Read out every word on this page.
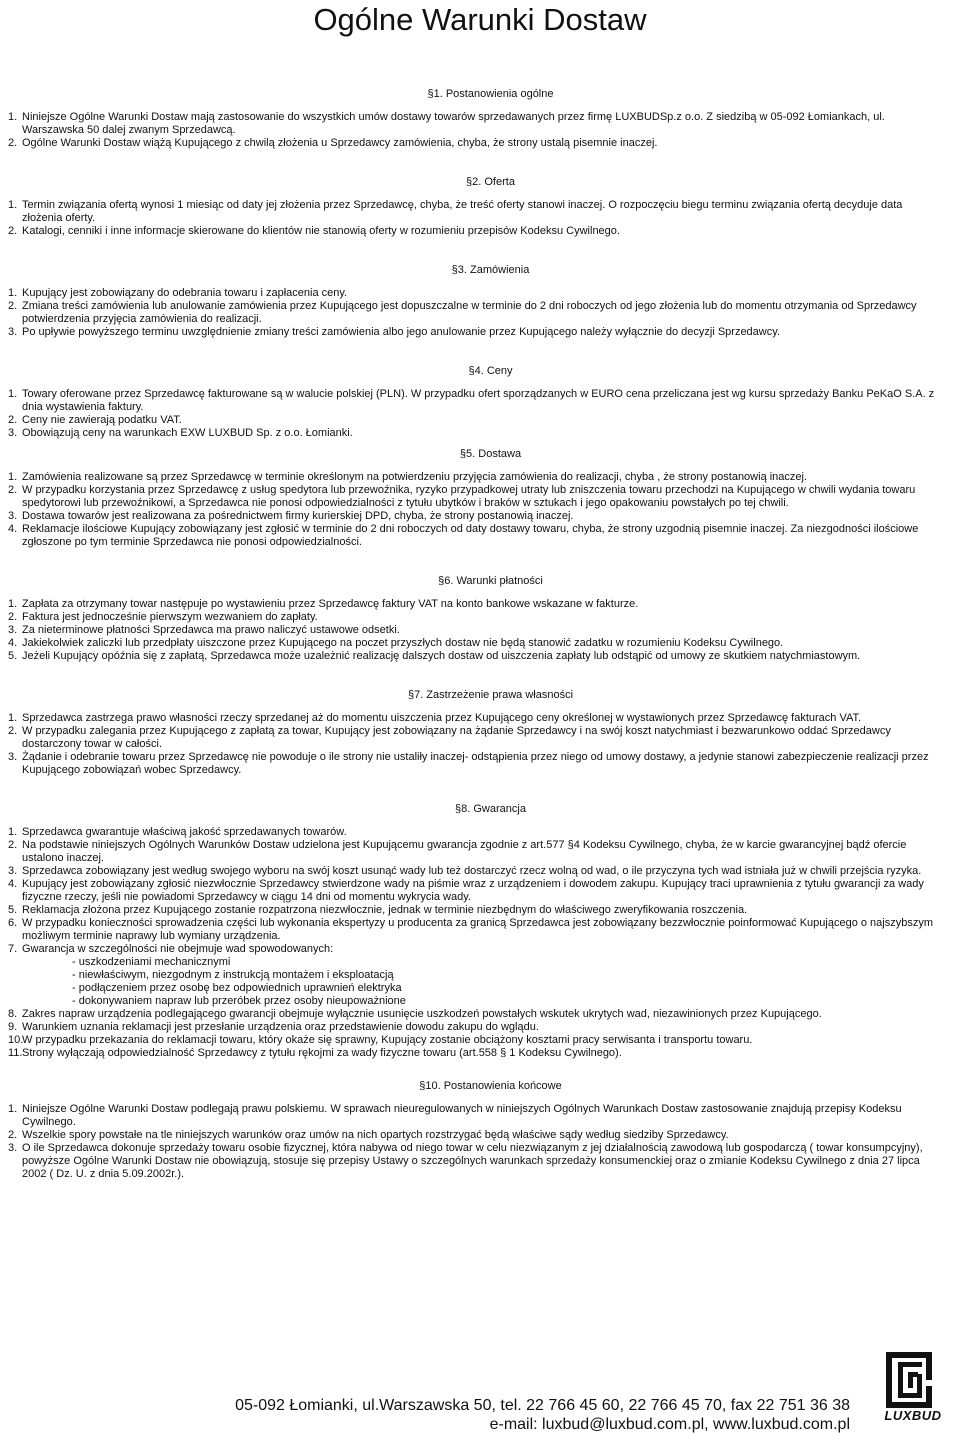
Ogólne Warunki Dostaw
§1. Postanowienia ogólne
1. Niniejsze Ogólne Warunki Dostaw mają zastosowanie do wszystkich umów dostawy towarów sprzedawanych przez firmę LUXBUDSp.z o.o. Z siedzibą w 05-092 Łomiankach, ul. Warszawska 50 dalej zwanym Sprzedawcą.
2. Ogólne Warunki Dostaw wiążą Kupującego z chwilą złożenia u Sprzedawcy zamówienia, chyba, że strony ustalą pisemnie inaczej.
§2. Oferta
1. Termin związania ofertą wynosi 1 miesiąc od daty jej złożenia przez Sprzedawcę, chyba, że treść oferty stanowi inaczej. O rozpoczęciu biegu terminu związania ofertą decyduje data złożenia oferty.
2. Katalogi, cenniki i inne informacje skierowane do klientów nie stanowią oferty w rozumieniu przepisów Kodeksu Cywilnego.
§3. Zamówienia
1. Kupujący jest zobowiązany do odebrania towaru i zapłacenia ceny.
2. Zmiana treści zamówienia lub anulowanie zamówienia przez Kupującego jest dopuszczalne w terminie do 2 dni roboczych od jego złożenia lub do momentu otrzymania od Sprzedawcy potwierdzenia przyjęcia zamówienia do realizacji.
3. Po upływie powyższego terminu uwzględnienie zmiany treści zamówienia albo jego anulowanie przez Kupującego należy wyłącznie do decyzji Sprzedawcy.
§4. Ceny
1. Towary oferowane przez Sprzedawcę fakturowane są w walucie polskiej (PLN). W przypadku ofert sporządzanych w EURO cena przeliczana jest wg kursu sprzedaży Banku PeKaO S.A. z dnia wystawienia faktury.
2. Ceny nie zawierają podatku VAT.
3. Obowiązują ceny na warunkach EXW LUXBUD Sp. z o.o. Łomianki.
§5. Dostawa
1. Zamówienia realizowane są przez Sprzedawcę w terminie określonym na potwierdzeniu przyjęcia zamówienia do realizacji, chyba , że strony postanowią inaczej.
2. W przypadku korzystania przez Sprzedawcę z usług spedytora lub przewoźnika, ryzyko przypadkowej utraty lub zniszczenia towaru przechodzi na Kupującego w chwili wydania towaru spedytorowi lub przewoźnikowi, a Sprzedawca nie ponosi odpowiedzialności z tytułu ubytków i braków w sztukach i jego opakowaniu powstałych po tej chwili.
3. Dostawa towarów jest realizowana za pośrednictwem firmy kurierskiej DPD, chyba, że strony postanowią inaczej.
4. Reklamacje ilościowe Kupujący zobowiązany jest zgłosić w terminie do 2 dni roboczych od daty dostawy towaru, chyba, że strony uzgodnią pisemnie inaczej. Za niezgodności ilościowe zgłoszone po tym terminie Sprzedawca nie ponosi odpowiedzialności.
§6. Warunki płatności
1. Zapłata za otrzymany towar następuje po wystawieniu przez Sprzedawcę faktury VAT na konto bankowe wskazane w fakturze.
2. Faktura jest jednocześnie pierwszym wezwaniem do zapłaty.
3. Za nieterminowe płatności Sprzedawca ma prawo naliczyć ustawowe odsetki.
4. Jakiekolwiek zaliczki lub przedpłaty uiszczone przez Kupującego na poczet przyszłych dostaw nie będą stanowić zadatku w rozumieniu Kodeksu Cywilnego.
5. Jeżeli Kupujący opóźnia się z zapłatą, Sprzedawca może uzależnić realizację dalszych dostaw od uiszczenia zapłaty lub odstąpić od umowy ze skutkiem natychmiastowym.
§7. Zastrzeżenie prawa własności
1. Sprzedawca zastrzega prawo własności rzeczy sprzedanej aż do momentu uiszczenia przez Kupującego ceny określonej w wystawionych przez Sprzedawcę fakturach VAT.
2. W przypadku zalegania przez Kupującego z zapłatą za towar, Kupujący jest zobowiązany na żądanie Sprzedawcy i na swój koszt natychmiast i bezwarunkowo oddać Sprzedawcy dostarczony towar w całości.
3. Żądanie i odebranie towaru przez Sprzedawcę nie powoduje o ile strony nie ustaliły inaczej- odstąpienia przez niego od umowy dostawy, a jedynie stanowi zabezpieczenie realizacji przez Kupującego zobowiązań wobec Sprzedawcy.
§8. Gwarancja
1. Sprzedawca gwarantuje właściwą jakość sprzedawanych towarów.
2. Na podstawie niniejszych Ogólnych Warunków Dostaw udzielona jest Kupującemu gwarancja zgodnie z art.577 §4 Kodeksu Cywilnego, chyba, że w karcie gwarancyjnej bądź ofercie ustalono inaczej.
3. Sprzedawca zobowiązany jest według swojego wyboru na swój koszt usunąć wady lub też dostarczyć rzecz wolną od wad, o ile przyczyna tych wad istniała już w chwili przejścia ryzyka.
4. Kupujący jest zobowiązany zgłosić niezwłocznie Sprzedawcy stwierdzone wady na piśmie wraz z urządzeniem i dowodem zakupu. Kupujący traci uprawnienia z tytułu gwarancji za wady fizyczne rzeczy, jeśli nie powiadomi Sprzedawcy w ciągu 14 dni od momentu wykrycia wady.
5. Reklamacja złożona przez Kupującego zostanie rozpatrzona niezwłocznie, jednak w terminie niezbędnym do właściwego zweryfikowania roszczenia.
6. W przypadku konieczności sprowadzenia części lub wykonania ekspertyzy u producenta za granicą Sprzedawca jest zobowiązany bezzwłocznie poinformować Kupującego o najszybszym możliwym terminie naprawy lub wymiany urządzenia.
7. Gwarancja w szczególności nie obejmuje wad spowodowanych:
- uszkodzeniami mechanicznymi
- niewłaściwym, niezgodnym z instrukcją montażem i eksploatacją
- podłączeniem przez osobę bez odpowiednich uprawnień elektryka
- dokonywaniem napraw lub przeróbek przez osoby nieupoważnione
8. Zakres napraw urządzenia podlegającego gwarancji obejmuje wyłącznie usunięcie uszkodzeń powstałych wskutek ukrytych wad, niezawinionych przez Kupującego.
9. Warunkiem uznania reklamacji jest przesłanie urządzenia oraz przedstawienie dowodu zakupu do wglądu.
10.
W przypadku przekazania do reklamacji towaru, który okaże się sprawny, Kupujący zostanie obciążony kosztami pracy serwisanta i transportu towaru.
11. Strony wyłączają odpowiedzialność Sprzedawcy z tytułu rękojmi za wady fizyczne towaru (art.558 § 1 Kodeksu Cywilnego).
§10. Postanowienia końcowe
1. Niniejsze Ogólne Warunki Dostaw podlegają prawu polskiemu. W sprawach nieuregulowanych w niniejszych Ogólnych Warunkach Dostaw zastosowanie znajdują przepisy Kodeksu Cywilnego.
2. Wszelkie spory powstałe na tle niniejszych warunków oraz umów na nich opartych rozstrzygać będą właściwe sądy według siedziby Sprzedawcy.
3. O ile Sprzedawca dokonuje sprzedaży towaru osobie fizycznej, która nabywa od niego towar w celu niezwiązanym z jej działalnością zawodową lub gospodarczą ( towar konsumpcyjny), powyższe Ogólne Warunki Dostaw nie obowiązują, stosuje się przepisy Ustawy o szczególnych warunkach sprzedaży konsumenckiej oraz o zmianie Kodeksu Cywilnego z dnia 27 lipca 2002 ( Dz. U. z dnia 5.09.2002r.).
05-092 Łomianki, ul.Warszawska 50, tel. 22 766 45 60, 22 766 45 70, fax 22 751 36 38
e-mail: luxbud@luxbud.com.pl, www.luxbud.com.pl
LUXBUD
